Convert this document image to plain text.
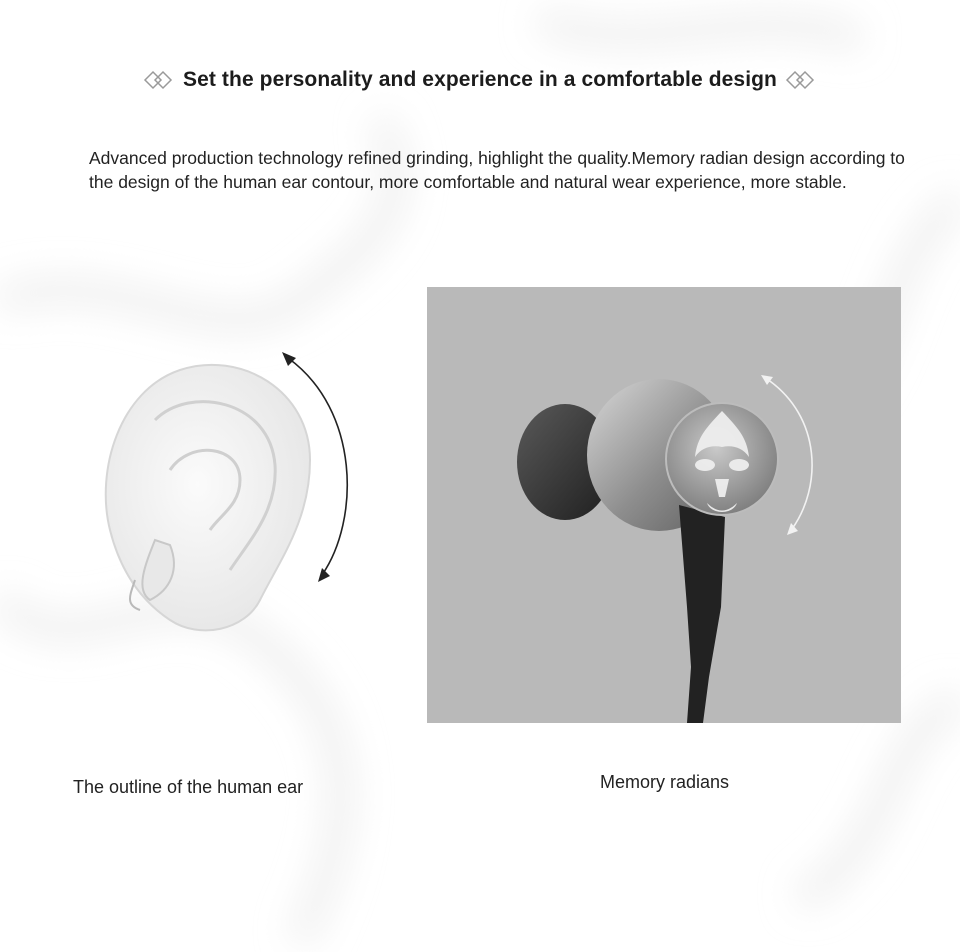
Set the personality and experience in a comfortable design

Advanced production technology refined grinding, highlight the quality.Memory radian design according to the design of the human ear contour, more comfortable and natural wear experience, more stable.

The outline of the human ear	Memory radians
